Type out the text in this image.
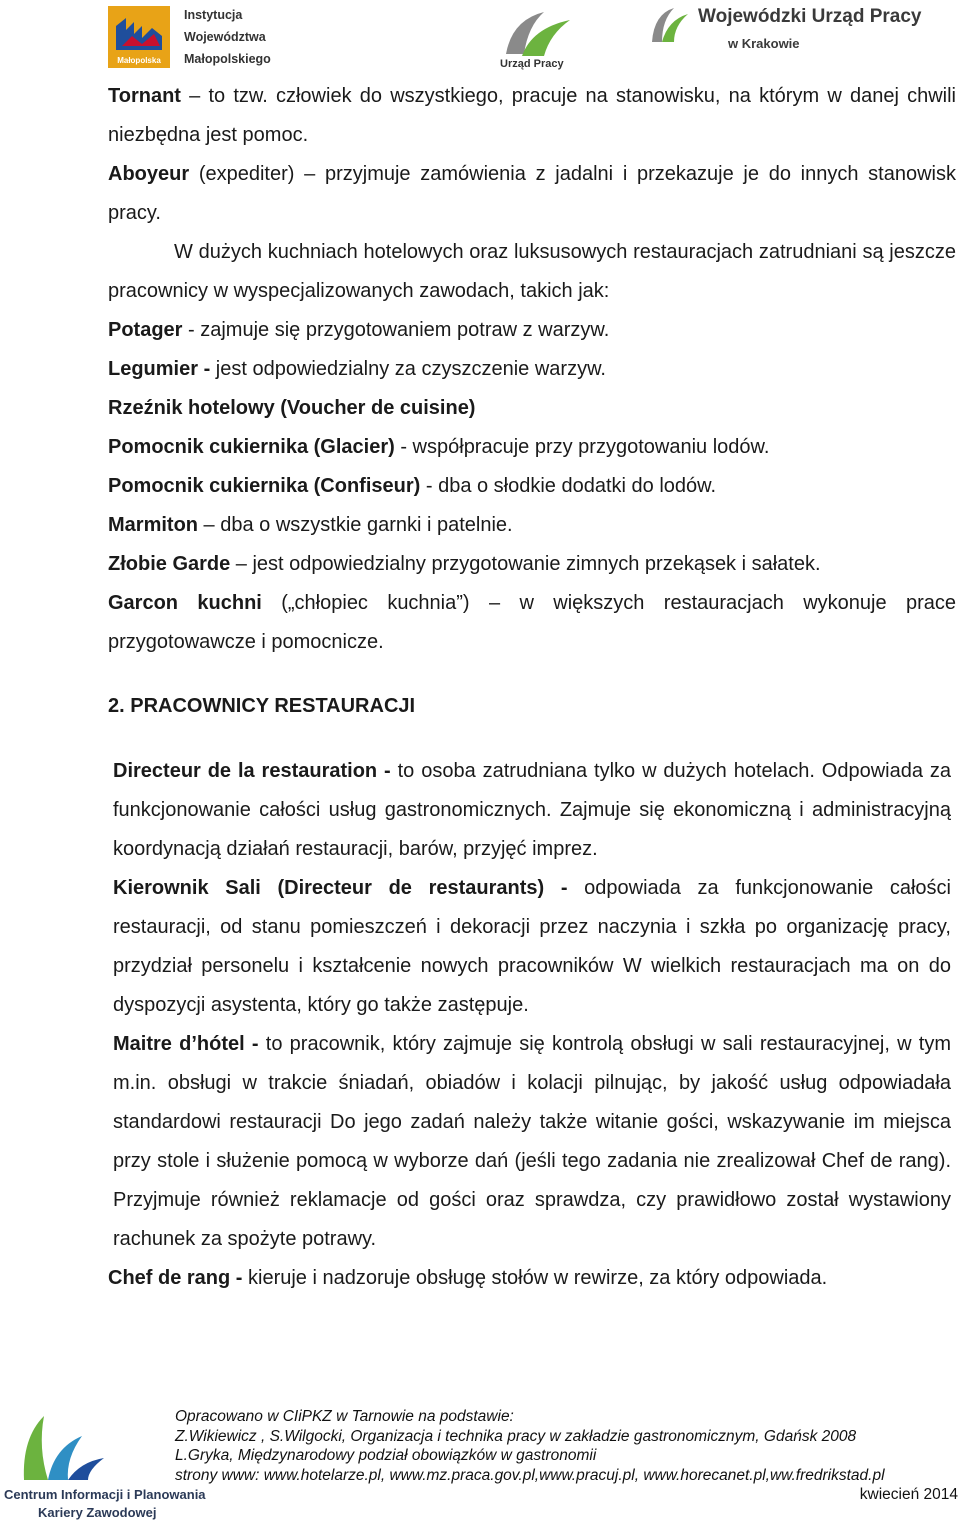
Małopolska
Instytucja
Województwa
Małopolskiego	Urząd Pracy
Wojewódzki Urząd Pracy
w Krakowie

Tornant – to tzw. człowiek do wszystkiego, pracuje na stanowisku, na którym w danej chwili niezbędna jest pomoc.

Aboyeur (expediter) – przyjmuje zamówienia z jadalni i przekazuje je do innych stanowisk pracy.

W dużych kuchniach hotelowych oraz luksusowych restauracjach zatrudniani są jeszcze pracownicy w wyspecjalizowanych zawodach, takich jak:

Potager - zajmuje się przygotowaniem potraw z warzyw.

Legumier - jest odpowiedzialny za czyszczenie warzyw.

Rzeźnik hotelowy (Voucher de cuisine)

Pomocnik cukiernika (Glacier) - współpracuje przy przygotowaniu lodów.

Pomocnik cukiernika (Confiseur) - dba o słodkie dodatki do lodów.

Marmiton – dba o wszystkie garnki i patelnie.

Złobie Garde – jest odpowiedzialny przygotowanie zimnych przekąsek i sałatek.

Garcon kuchni („chłopiec kuchnia”) – w większych restauracjach wykonuje prace przygotowawcze i pomocnicze.

2. PRACOWNICY RESTAURACJI

Directeur de la restauration - to osoba zatrudniana tylko w dużych hotelach. Odpowiada za funkcjonowanie całości usług gastronomicznych. Zajmuje się ekonomiczną i administracyjną koordynacją działań restauracji, barów, przyjęć imprez.

Kierownik Sali (Directeur de restaurants) - odpowiada za funkcjonowanie całości restauracji, od stanu pomieszczeń i dekoracji przez naczynia i szkła po organizację pracy, przydział personelu i kształcenie nowych pracowników W wielkich restauracjach ma on do dyspozycji asystenta, który go także zastępuje.

Maitre d’hótel - to pracownik, który zajmuje się kontrolą obsługi w sali restauracyjnej, w tym m.in. obsługi w trakcie śniadań, obiadów i kolacji pilnując, by jakość usług odpowiadała standardowi restauracji Do jego zadań należy także witanie gości, wskazywanie im miejsca przy stole i służenie pomocą w wyborze dań (jeśli tego zadania nie zrealizował Chef de rang). Przyjmuje również reklamacje od gości oraz sprawdza, czy prawidłowo został wystawiony rachunek za spożyte potrawy.

Chef de rang - kieruje i nadzoruje obsługę stołów w rewirze, za który odpowiada.

Centrum Informacji i Planowania
Kariery Zawodowej
Opracowano w CIiPKZ w Tarnowie na podstawie:
Z.Wikiewicz , S.Wilgocki, Organizacja i technika pracy w zakładzie gastronomicznym, Gdańsk 2008
L.Gryka, Międzynarodowy podział obowiązków w gastronomii
strony www: www.hotelarze.pl, www.mz.praca.gov.pl,www.pracuj.pl, www.horecanet.pl,ww.fredrikstad.pl
kwiecień 2014
